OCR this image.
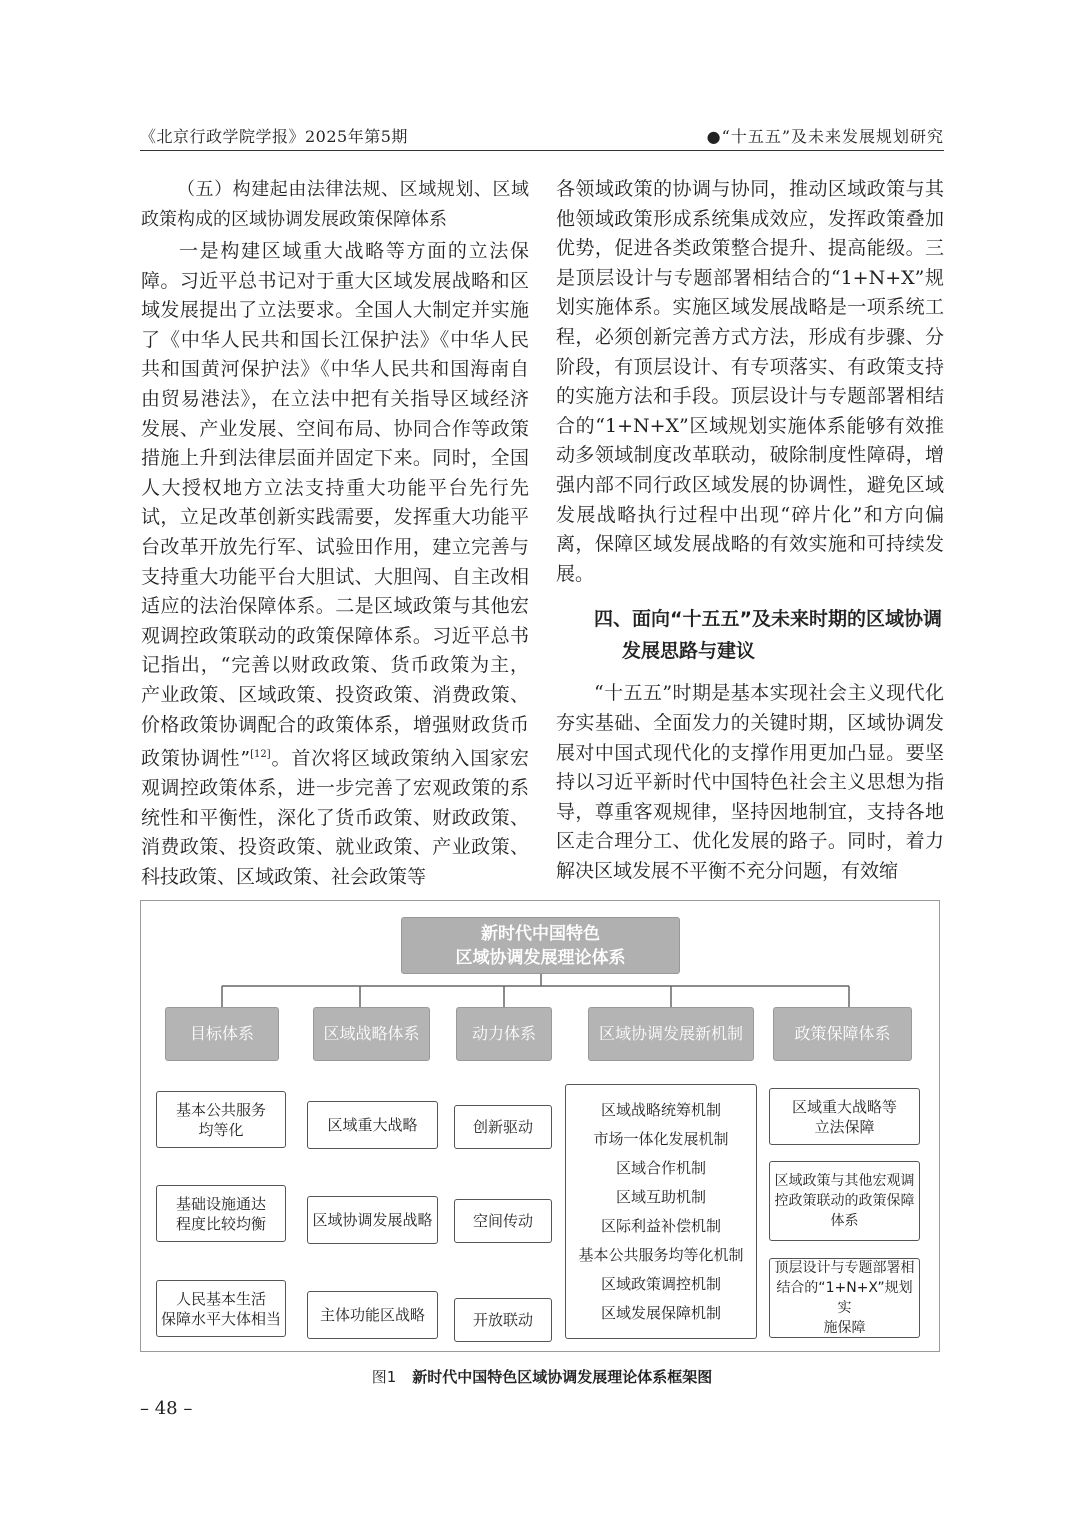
《北京行政学院学报》2025年第5期	●“十五五”及未来发展规划研究
（五）构建起由法律法规、区域规划、区域政策构成的区域协调发展政策保障体系

一是构建区域重大战略等方面的立法保障。习近平总书记对于重大区域发展战略和区域发展提出了立法要求。全国人大制定并实施了《中华人民共和国长江保护法》《中华人民共和国黄河保护法》《中华人民共和国海南自由贸易港法》，在立法中把有关指导区域经济发展、产业发展、空间布局、协同合作等政策措施上升到法律层面并固定下来。同时，全国人大授权地方立法支持重大功能平台先行先试，立足改革创新实践需要，发挥重大功能平台改革开放先行军、试验田作用，建立完善与支持重大功能平台大胆试、大胆闯、自主改相适应的法治保障体系。二是区域政策与其他宏观调控政策联动的政策保障体系。习近平总书记指出，“完善以财政政策、货币政策为主，产业政策、区域政策、投资政策、消费政策、价格政策协调配合的政策体系，增强财政货币政策协调性”[12]。首次将区域政策纳入国家宏观调控政策体系，进一步完善了宏观政策的系统性和平衡性，深化了货币政策、财政政策、消费政策、投资政策、就业政策、产业政策、科技政策、区域政策、社会政策等

各领域政策的协调与协同，推动区域政策与其他领域政策形成系统集成效应，发挥政策叠加优势，促进各类政策整合提升、提高能级。三是顶层设计与专题部署相结合的“1+N+X”规划实施体系。实施区域发展战略是一项系统工程，必须创新完善方式方法，形成有步骤、分阶段，有顶层设计、有专项落实、有政策支持的实施方法和手段。顶层设计与专题部署相结合的“1+N+X”区域规划实施体系能够有效推动多领域制度改革联动，破除制度性障碍，增强内部不同行政区域发展的协调性，避免区域发展战略执行过程中出现“碎片化”和方向偏离，保障区域发展战略的有效实施和可持续发展。

四、面向“十五五”及未来时期的区域协调
发展思路与建议

“十五五”时期是基本实现社会主义现代化夯实基础、全面发力的关键时期，区域协调发展对中国式现代化的支撑作用更加凸显。要坚持以习近平新时代中国特色社会主义思想为指导，尊重客观规律，坚持因地制宜，支持各地区走合理分工、优化发展的路子。同时，着力解决区域发展不平衡不充分问题，有效缩

新时代中国特色
区域协调发展理论体系
目标体系	区域战略体系	动力体系	区域协调发展新机制	政策保障体系
基本公共服务
均等化
基础设施通达
程度比较均衡
人民基本生活
保障水平大体相当
区域重大战略
区域协调发展战略
主体功能区战略
创新驱动
空间传动
开放联动
区域战略统筹机制
市场一体化发展机制
区域合作机制
区域互助机制
区际利益补偿机制
基本公共服务均等化机制
区域政策调控机制
区域发展保障机制
区域重大战略等
立法保障
区域政策与其他宏观调
控政策联动的政策保障
体系
顶层设计与专题部署相
结合的“1+N+X”规划实
施保障
图1 新时代中国特色区域协调发展理论体系框架图
– 48 –
